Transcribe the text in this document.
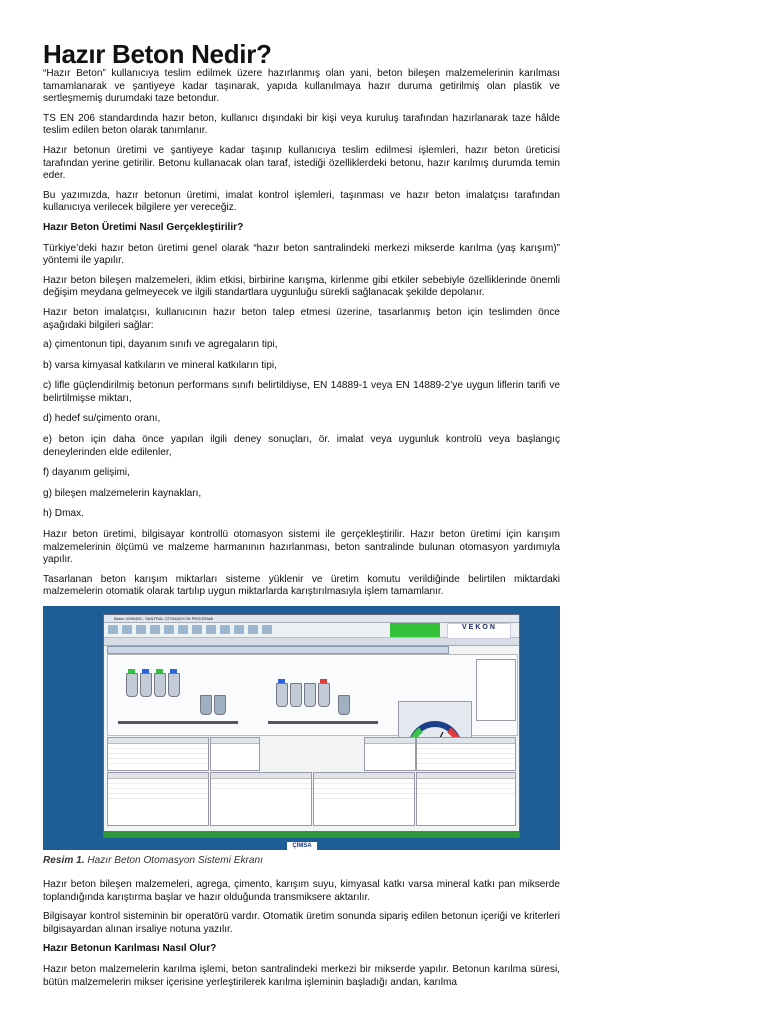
Hazır Beton Nedir?

“Hazır Beton” kullanıcıya teslim edilmek üzere hazırlanmış olan yani, beton bileşen malzemelerinin karılması tamamlanarak ve şantiyeye kadar taşınarak, yapıda kullanılmaya hazır duruma getirilmiş olan plastik ve sertleşmemiş durumdaki taze betondur.

TS EN 206 standardında hazır beton, kullanıcı dışındaki bir kişi veya kuruluş tarafından hazırlanarak taze hâlde teslim edilen beton olarak tanımlanır.

Hazır betonun üretimi ve şantiyeye kadar taşınıp kullanıcıya teslim edilmesi işlemleri, hazır beton üreticisi tarafından yerine getirilir. Betonu kullanacak olan taraf, istediği özelliklerdeki betonu, hazır karılmış durumda temin eder.

Bu yazımızda, hazır betonun üretimi, imalat kontrol işlemleri, taşınması ve hazır beton imalatçısı tarafından kullanıcıya verilecek bilgilere yer vereceğiz.

Hazır Beton Üretimi Nasıl Gerçekleştirilir?

Türkiye’deki hazır beton üretimi genel olarak “hazır beton santralindeki merkezi mikserde karılma (yaş karışım)” yöntemi ile yapılır.

Hazır beton bileşen malzemeleri, iklim etkisi, birbirine karışma, kirlenme gibi etkiler sebebiyle özelliklerinde önemli değişim meydana gelmeyecek ve ilgili standartlara uygunluğu sürekli sağlanacak şekilde depolanır.

Hazır beton imalatçısı, kullanıcının hazır beton talep etmesi üzerine, tasarlanmış beton için teslimden önce aşağıdaki bilgileri sağlar:

a) çimentonun tipi, dayanım sınıfı ve agregaların tipi,

b) varsa kimyasal katkıların ve mineral katkıların tipi,

c) lifle güçlendirilmiş betonun performans sınıfı belirtildiyse, EN 14889-1 veya EN 14889-2’ye uygun liflerin tarifi ve belirtilmişse miktarı,

d) hedef su/çimento oranı,

e) beton için daha önce yapılan ilgili deney sonuçları, ör. imalat veya uygunluk kontrolü veya başlangıç deneylerinden elde edilenler,

f) dayanım gelişimi,

g) bileşen malzemelerin kaynakları,

h) Dmax.

Hazır beton üretimi, bilgisayar kontrollü otomasyon sistemi ile gerçekleştirilir. Hazır beton üretimi için karışım malzemelerinin ölçümü ve malzeme harmanının hazırlanması, beton santralinde bulunan otomasyon yardımıyla yapılır.

Tasarlanan beton karışım miktarları sisteme yüklenir ve üretim komutu verildiğinde belirtilen miktardaki malzemelerin otomatik olarak tartılıp uygun miktarlarda karıştırılmasıyla işlem tamamlanır.

Beton V090405 - SANTRAL OTOMASYON PROGRAMI
VEKON
ÇİMSA
Resim 1. Hazır Beton Otomasyon Sistemi Ekranı

Hazır beton bileşen malzemeleri, agrega, çimento, karışım suyu, kimyasal katkı varsa mineral katkı pan mikserde toplandığında karıştırma başlar ve hazır olduğunda transmiksere aktarılır.

Bilgisayar kontrol sisteminin bir operatörü vardır. Otomatik üretim sonunda sipariş edilen betonun içeriği ve kriterleri bilgisayardan alınan irsaliye notuna yazılır.

Hazır Betonun Karılması Nasıl Olur?

Hazır beton malzemelerin karılma işlemi, beton santralindeki merkezi bir mikserde yapılır. Betonun karılma süresi, bütün malzemelerin mikser içerisine yerleştirilerek karılma işleminin başladığı andan, karılma
